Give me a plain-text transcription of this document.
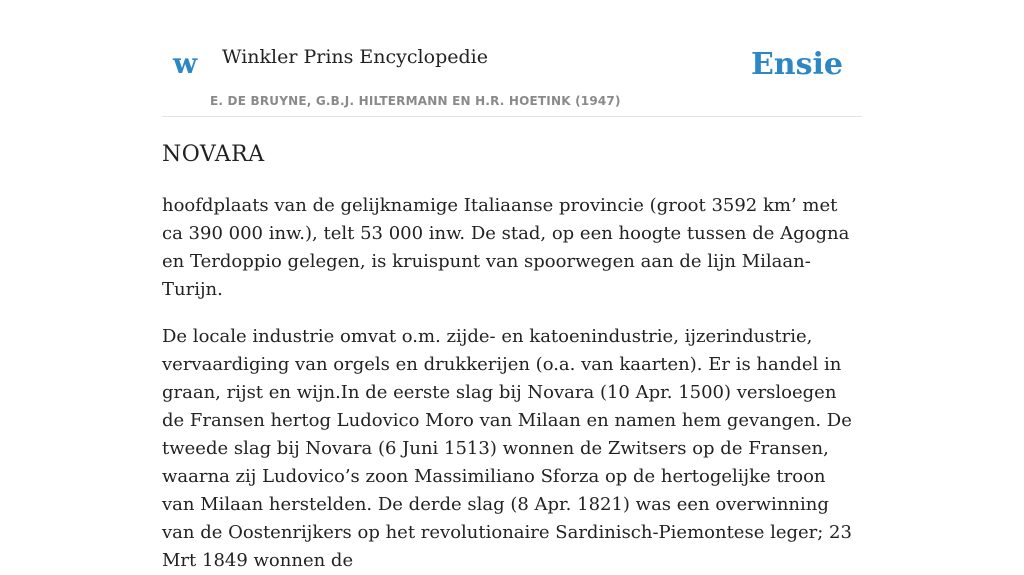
w Winkler Prins Encyclopedie
E. DE BRUYNE, G.B.J. HILTERMANN EN H.R. HOETINK (1947)
Ensie
NOVARA

hoofdplaats van de gelijknamige Italiaanse provincie (groot 3592 km’ met ca 390 000 inw.), telt 53 000 inw. De stad, op een hoogte tussen de Agogna en Terdoppio gelegen, is kruispunt van spoorwegen aan de lijn Milaan-Turijn.

De locale industrie omvat o.m. zijde- en katoenindustrie, ijzerindustrie, vervaardiging van orgels en drukkerijen (o.a. van kaarten). Er is handel in graan, rijst en wijn.In de eerste slag bij Novara (10 Apr. 1500) versloegen de Fransen hertog Ludovico Moro van Milaan en namen hem gevangen. De tweede slag bij Novara (6 Juni 1513) wonnen de Zwitsers op de Fransen, waarna zij Ludovico’s zoon Massimiliano Sforza op de hertogelijke troon van Milaan herstelden. De derde slag (8 Apr. 1821) was een overwinning van de Oostenrijkers op het revolutionaire Sardinisch-Piemontese leger; 23 Mrt 1849 wonnen de
